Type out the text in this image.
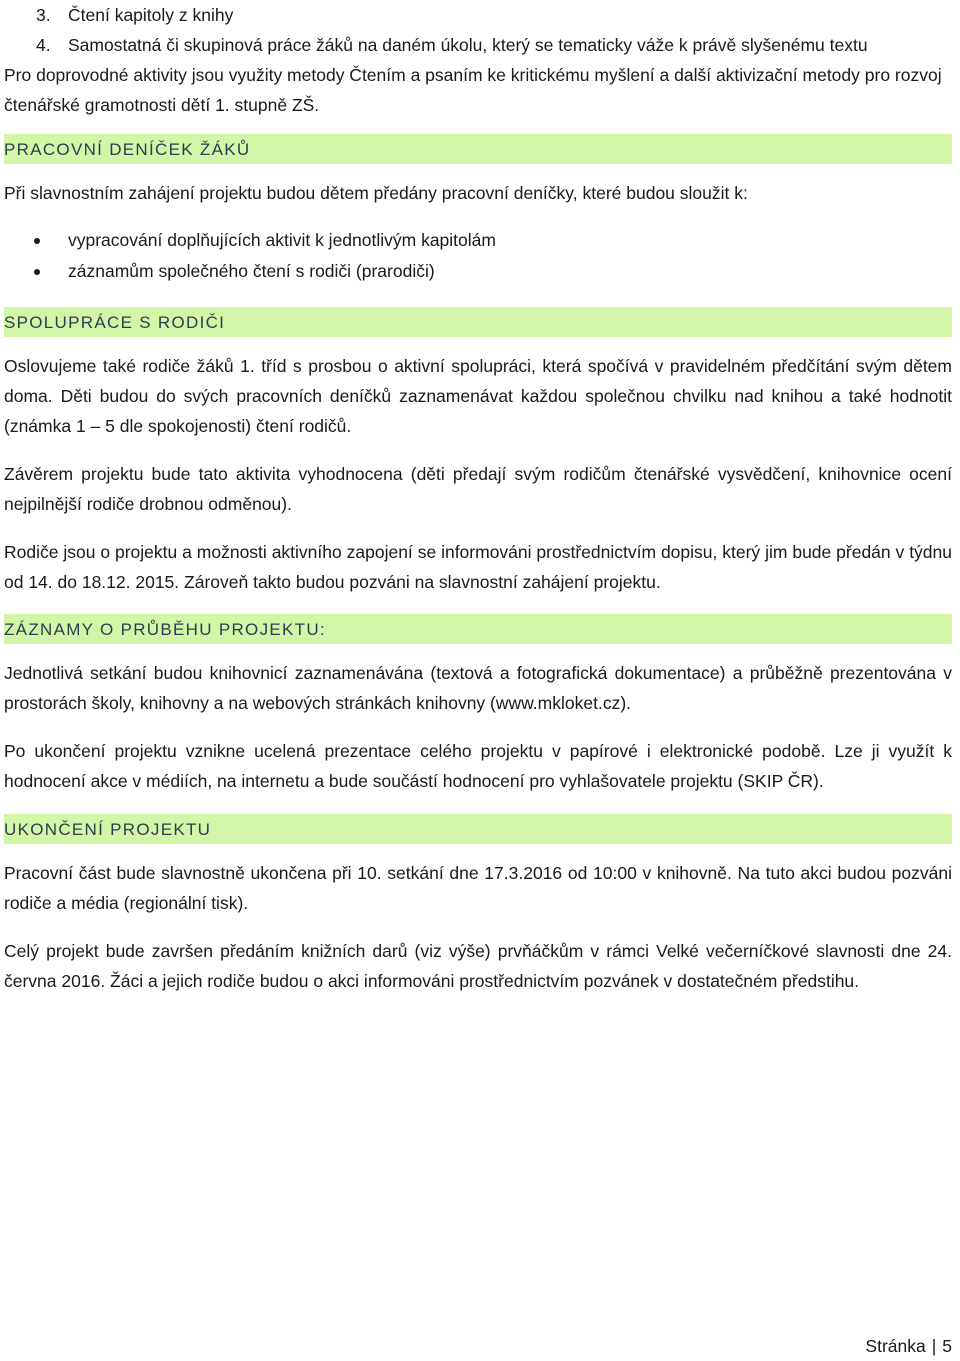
3. Čtení kapitoly z knihy
4. Samostatná či skupinová práce žáků na daném úkolu, který se tematicky váže k právě slyšenému textu

Pro doprovodné aktivity jsou využity metody Čtením a psaním ke kritickému myšlení a další aktivizační metody pro rozvoj čtenářské gramotnosti dětí 1. stupně ZŠ.

PRACOVNÍ DENÍČEK ŽÁKŮ

Při slavnostním zahájení projektu budou dětem předány pracovní deníčky, které budou sloužit k:

vypracování doplňujících aktivit k jednotlivým kapitolám
záznamům společného čtení s rodiči (prarodiči)
SPOLUPRÁCE S RODIČI

Oslovujeme také rodiče žáků 1. tříd s prosbou o aktivní spolupráci, která spočívá v pravidelném předčítání svým dětem doma. Děti budou do svých pracovních deníčků zaznamenávat každou společnou chvilku nad knihou a také hodnotit (známka 1 – 5 dle spokojenosti) čtení rodičů.

Závěrem projektu bude tato aktivita vyhodnocena (děti předají svým rodičům čtenářské vysvědčení, knihovnice ocení nejpilnější rodiče drobnou odměnou).

Rodiče jsou o projektu a možnosti aktivního zapojení se informováni prostřednictvím dopisu, který jim bude předán v týdnu od 14. do 18.12. 2015. Zároveň takto budou pozváni na slavnostní zahájení projektu.

ZÁZNAMY O PRŮBĚHU PROJEKTU:

Jednotlivá setkání budou knihovnicí zaznamenávána (textová a fotografická dokumentace) a průběžně prezentována v prostorách školy, knihovny a na webových stránkách knihovny (www.mkloket.cz).

Po ukončení projektu vznikne ucelená prezentace celého projektu v papírové i elektronické podobě. Lze ji využít k hodnocení akce v médiích, na internetu a bude součástí hodnocení pro vyhlašovatele projektu (SKIP ČR).

UKONČENÍ PROJEKTU

Pracovní část bude slavnostně ukončena při 10. setkání dne 17.3.2016 od 10:00 v knihovně. Na tuto akci budou pozváni rodiče a média (regionální tisk).

Celý projekt bude završen předáním knižních darů (viz výše) prvňáčkům v rámci Velké večerníčkové slavnosti dne 24. června 2016. Žáci a jejich rodiče budou o akci informováni prostřednictvím pozvánek v dostatečném předstihu.

Stránka | 5
